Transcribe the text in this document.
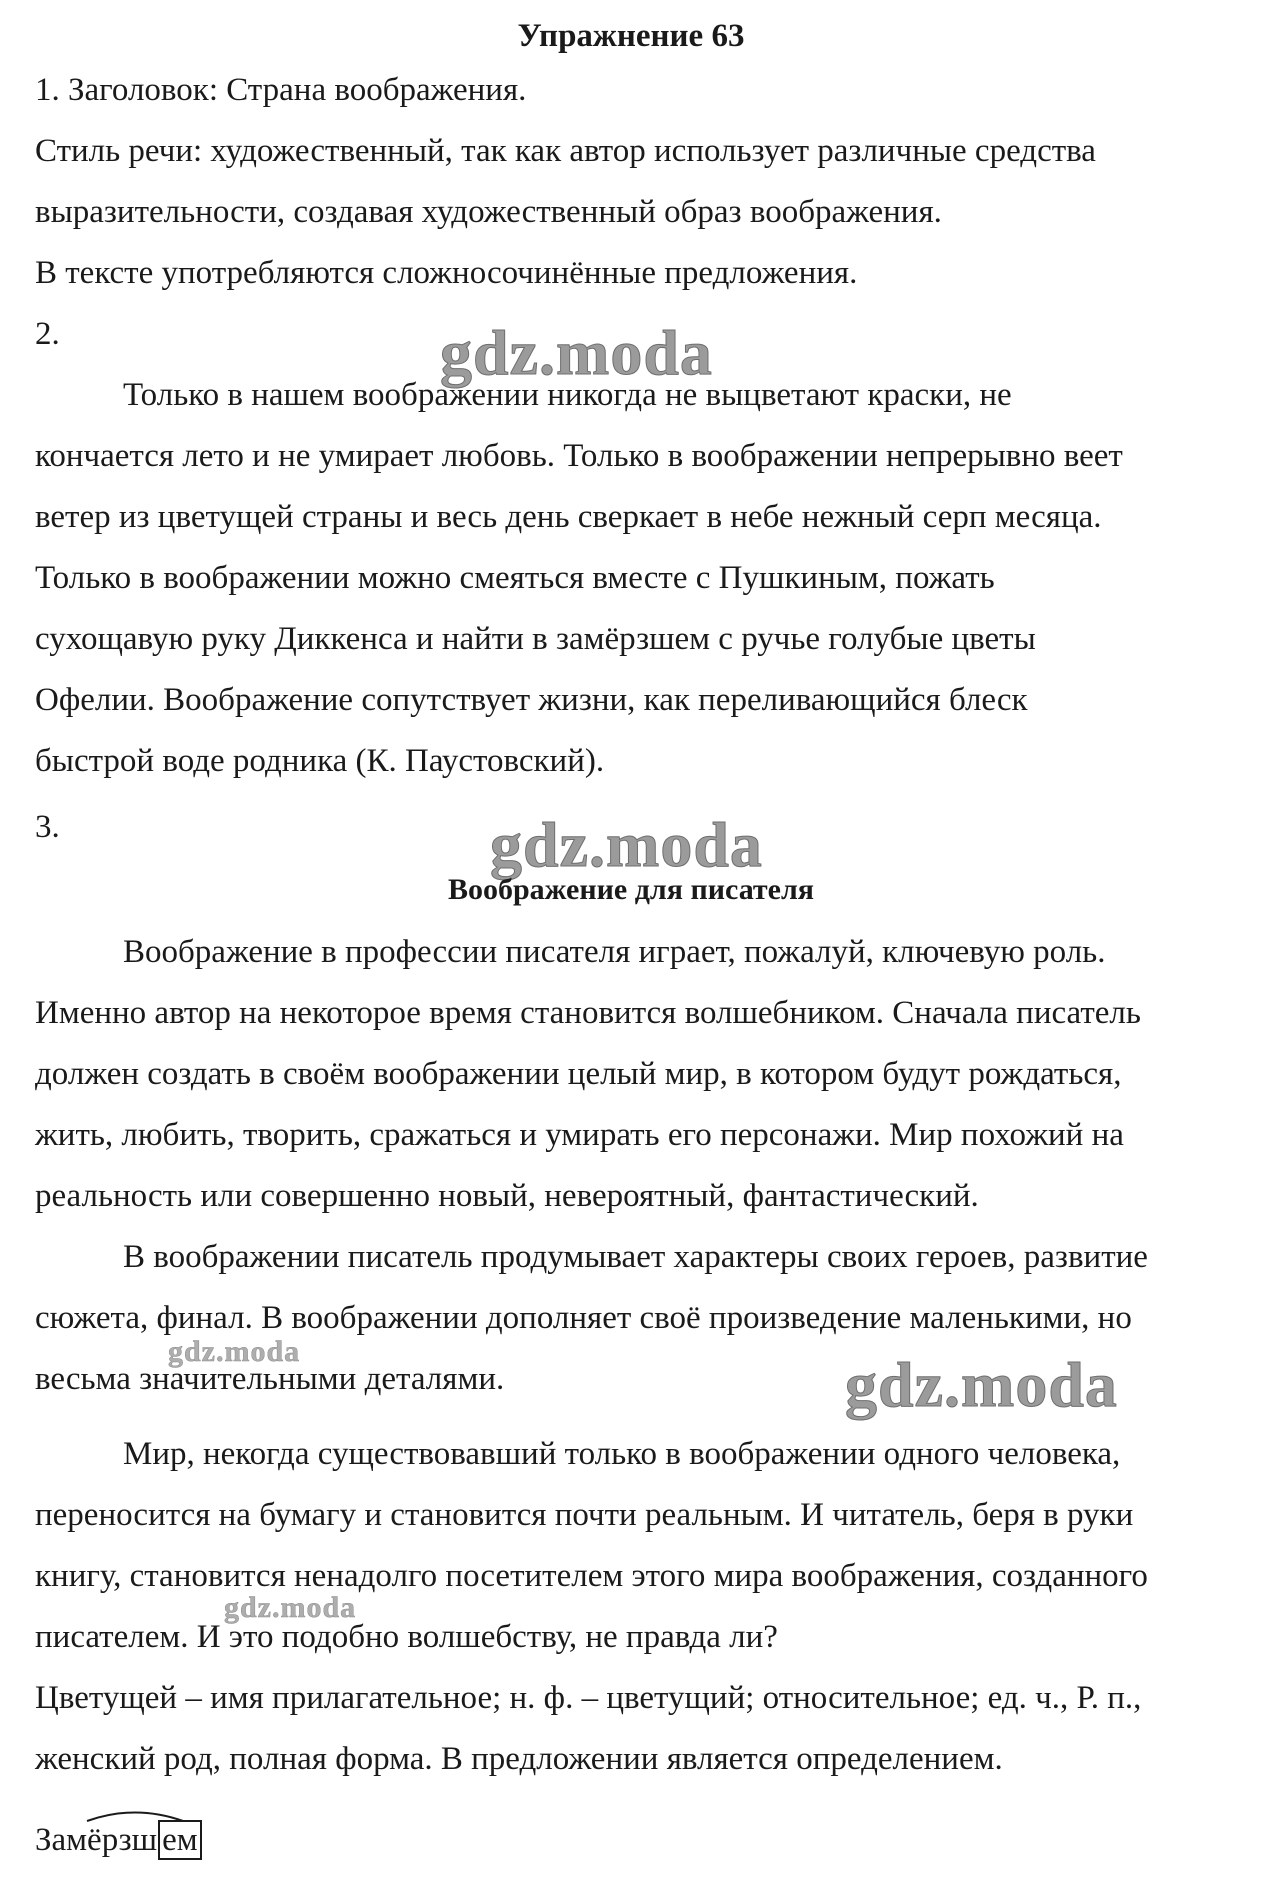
Упражнение 63
1. Заголовок: Страна воображения.
Стиль речи: художественный, так как автор использует различные средства
выразительности, создавая художественный образ воображения.
В тексте употребляются сложносочинённые предложения.
2.	gdz.moda
Только в нашем воображении никогда не выцветают краски, не
кончается лето и не умирает любовь. Только в воображении непрерывно веет
ветер из цветущей страны и весь день сверкает в небе нежный серп месяца.
Только в воображении можно смеяться вместе с Пушкиным, пожать
сухощавую руку Диккенса и найти в замёрзшем с ручье голубые цветы
Офелии. Воображение сопутствует жизни, как переливающийся блеск
быстрой воде родника (К. Паустовский).
3.	gdz.moda
Воображение для писателя
Воображение в профессии писателя играет, пожалуй, ключевую роль.
Именно автор на некоторое время становится волшебником. Сначала писатель
должен создать в своём воображении целый мир, в котором будут рождаться,
жить, любить, творить, сражаться и умирать его персонажи. Мир похожий на
реальность или совершенно новый, невероятный, фантастический.
В воображении писатель продумывает характеры своих героев, развитие
сюжета, финал. В воображении дополняет своё произведение маленькими, но
весьма значительными деталями.
gdz.moda	gdz.moda
Мир, некогда существовавший только в воображении одного человека,
переносится на бумагу и становится почти реальным. И читатель, беря в руки
книгу, становится ненадолго посетителем этого мира воображения, созданного
писателем. И это подобно волшебству, не правда ли?
gdz.moda
Цветущей – имя прилагательное; н. ф. – цветущий; относительное; ед. ч., Р. п.,
женский род, полная форма. В предложении является определением.
Замёрзш ем
